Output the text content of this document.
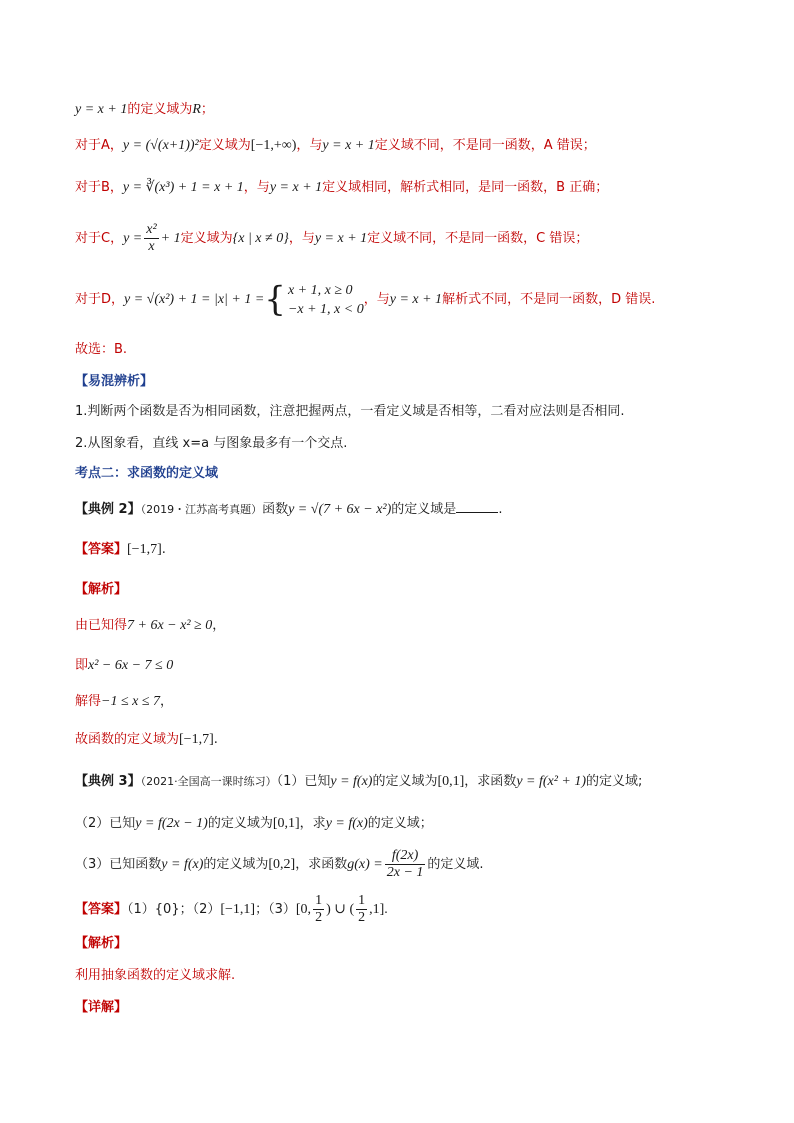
y = x + 1的定义域为R；
对于A，y = (√(x+1))²定义域为[−1,+∞)，与y = x + 1定义域不同，不是同一函数，A 错误；
对于B，y = ∛(x³) + 1 = x + 1，与y = x + 1定义域相同，解析式相同，是同一函数，B 正确；
对于C，$y = \frac{\text{x²}}{x} + 1$定义域为{x | x ≠ 0}，与y = x + 1定义域不同，不是同一函数，C 错误；
对于D，y = √(x²) + 1 = |x| + 1 ={ x + 1, x ≥ 0
−x + 1, x < 0
，与y = x + 1解析式不同，不是同一函数，D 错误.
故选：B.
【易混辨析】
1.判断两个函数是否为相同函数，注意把握两点，一看定义域是否相等，二看对应法则是否相同.
2.从图象看，直线 x=a 与图象最多有一个交点.
考点二：求函数的定义域
【典例 2】（2019・江苏高考真题）函数y = √(7 + 6x − x²)的定义域是	.
【答案】[−1,7].
【解析】
由已知得7 + 6x − x² ≥ 0，
即x² − 6x − 7 ≤ 0
解得−1 ≤ x ≤ 7，
故函数的定义域为[−1,7].
【典例 3】（2021·全国高一课时练习）（1）已知y = f(x)的定义域为[0,1]，求函数y = f(x² + 1)的定义域;
（2）已知y = f(2x − 1)的定义域为[0,1]，求y = f(x)的定义域；
（3）已知函数y = f(x)的定义域为[0,2]，求函数$g(x) = \frac{f(2x)}{2x - 1}$ 的定义域.
【答案】（1）{0}；（2）[−1,1]；（3）[0, $\frac{1}{2}$ ) ∪ ( $\frac{1}{2} ,1$].
【解析】
利用抽象函数的定义域求解.
【详解】
